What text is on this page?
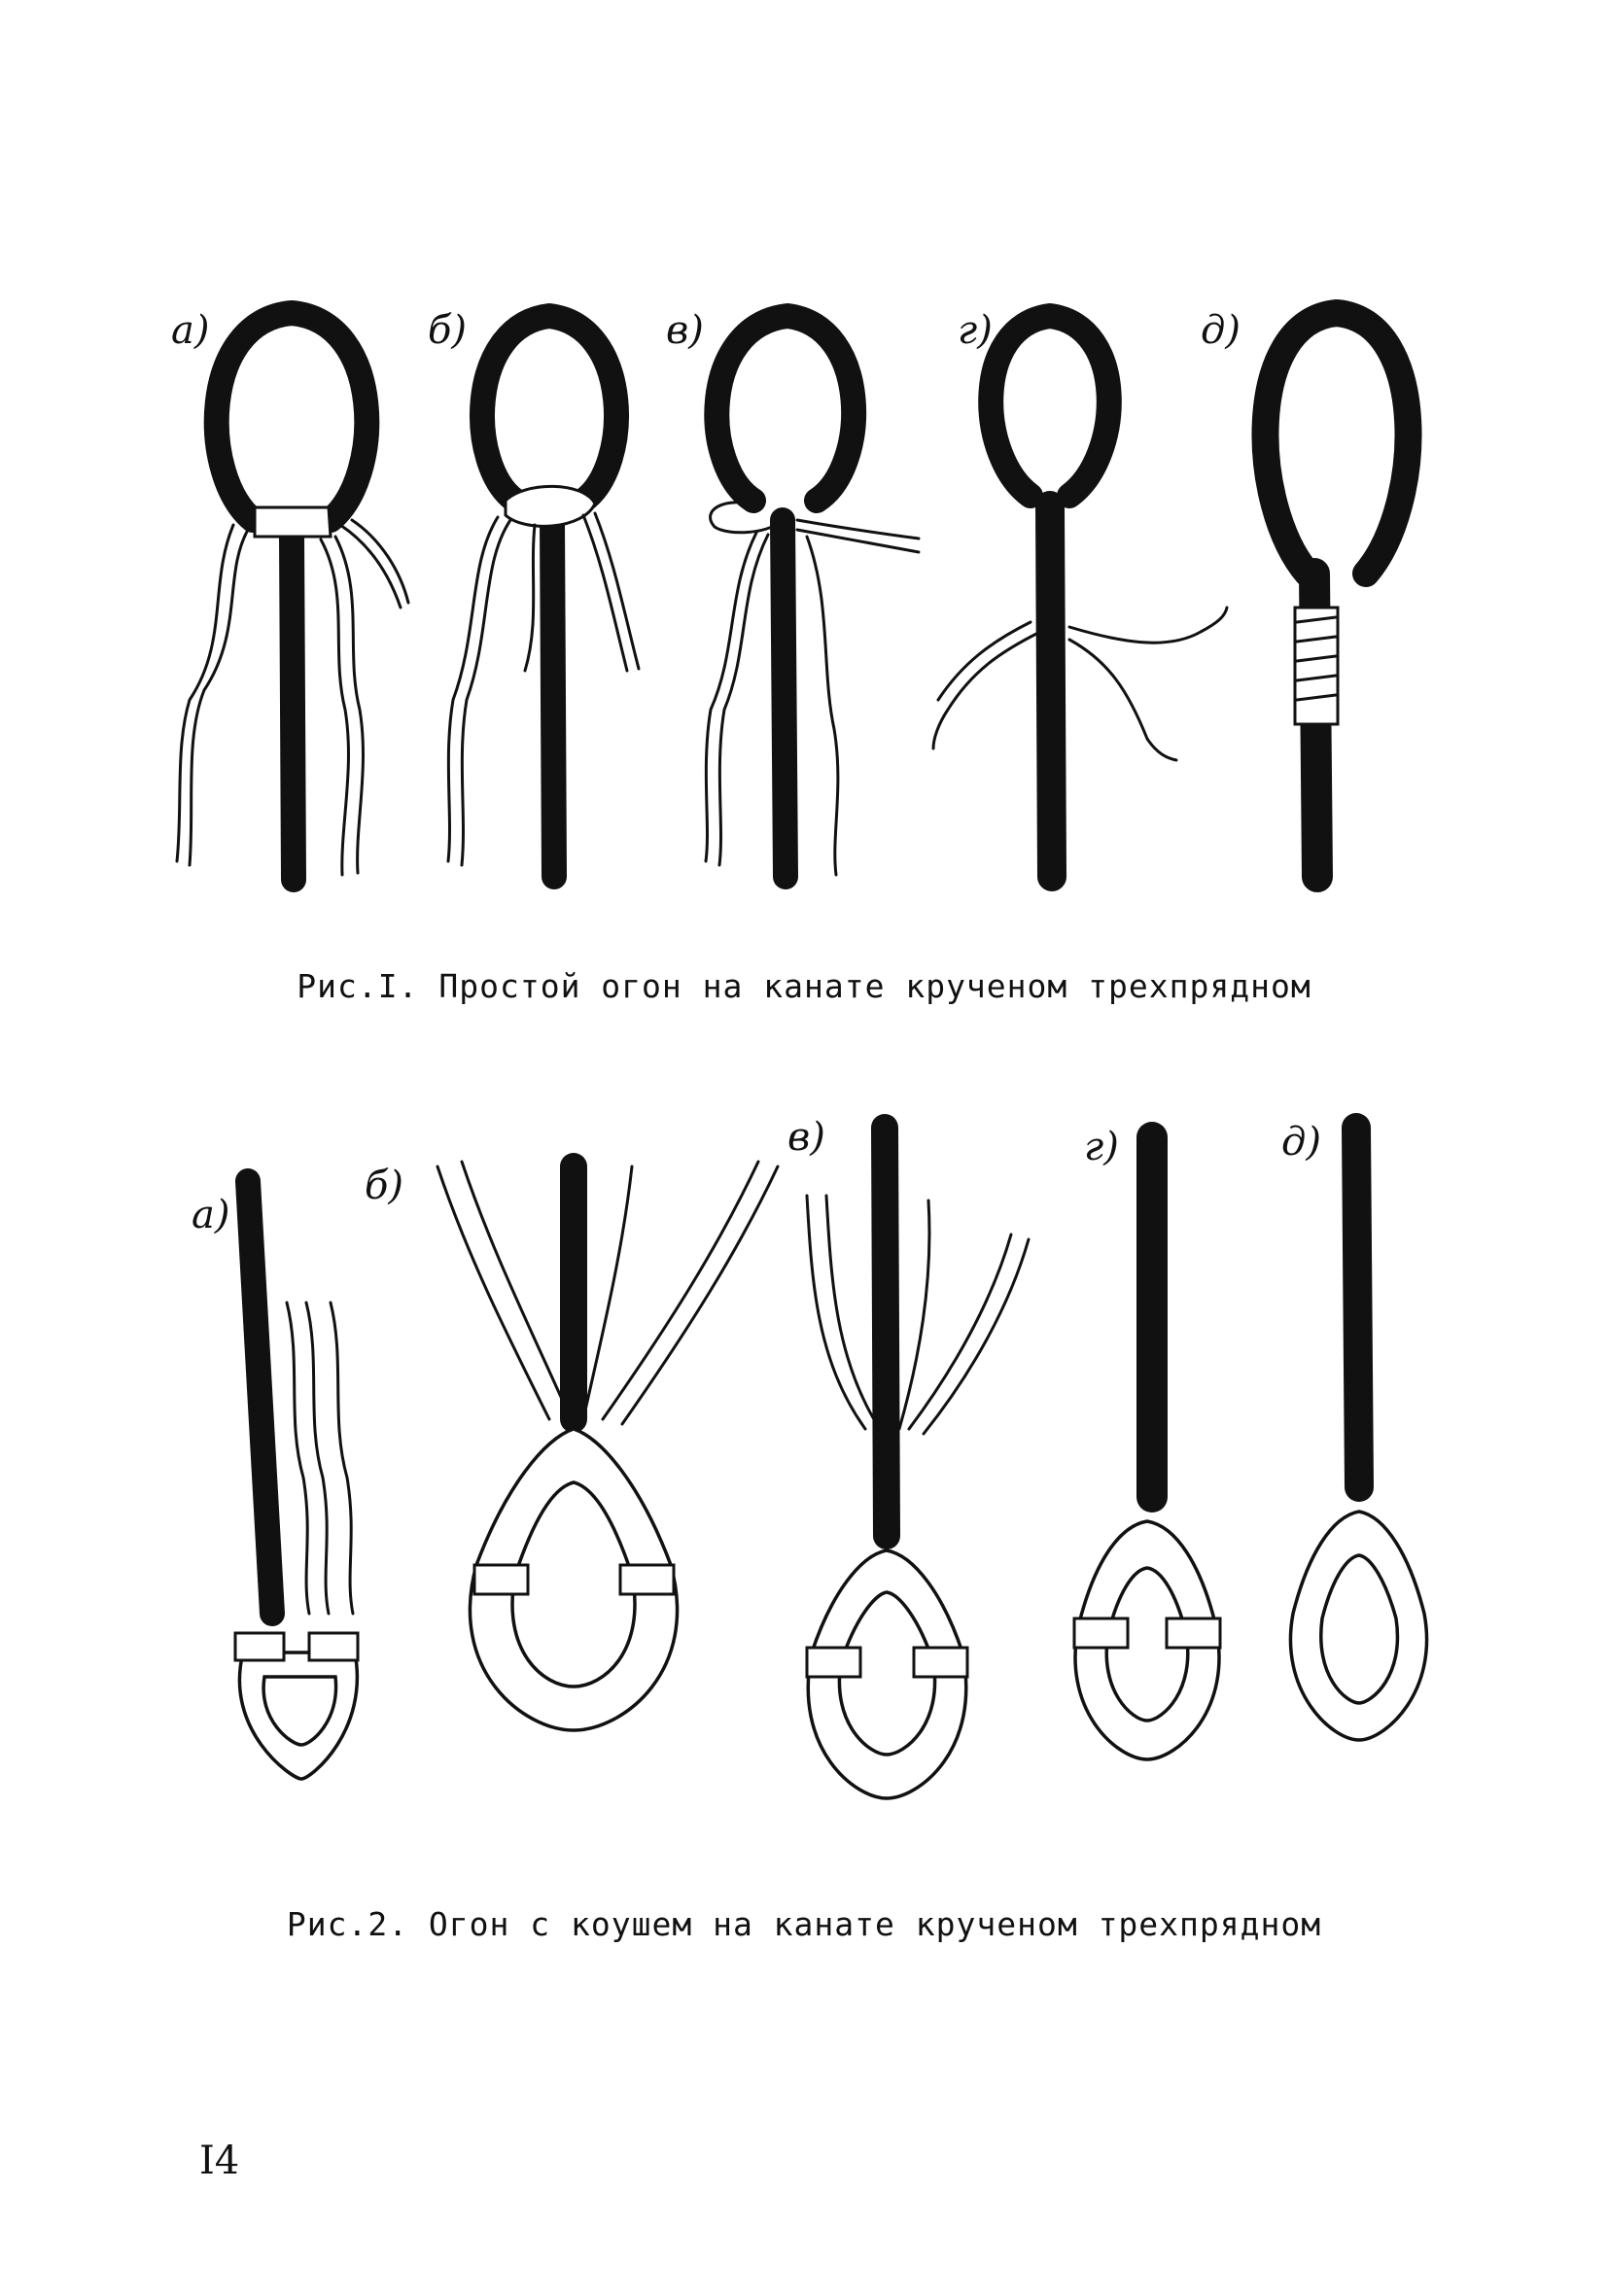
а)	б)	в)	г)	д)
Рис.I. Простой огон на канате крученом трехпрядном
а)
б)
в)	г)	д)
Рис.2. Огон с коушем на канате крученом трехпрядном
I4
